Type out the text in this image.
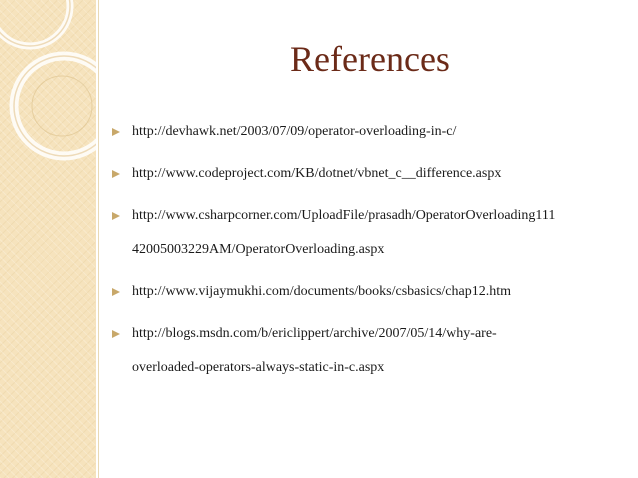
References
http://devhawk.net/2003/07/09/operator-overloading-in-c/
http://www.codeproject.com/KB/dotnet/vbnet_c__difference.aspx
http://www.csharpcorner.com/UploadFile/prasadh/OperatorOverloading111
42005003229AM/OperatorOverloading.aspx
http://www.vijaymukhi.com/documents/books/csbasics/chap12.htm
http://blogs.msdn.com/b/ericlippert/archive/2007/05/14/why-are-
overloaded-operators-always-static-in-c.aspx
